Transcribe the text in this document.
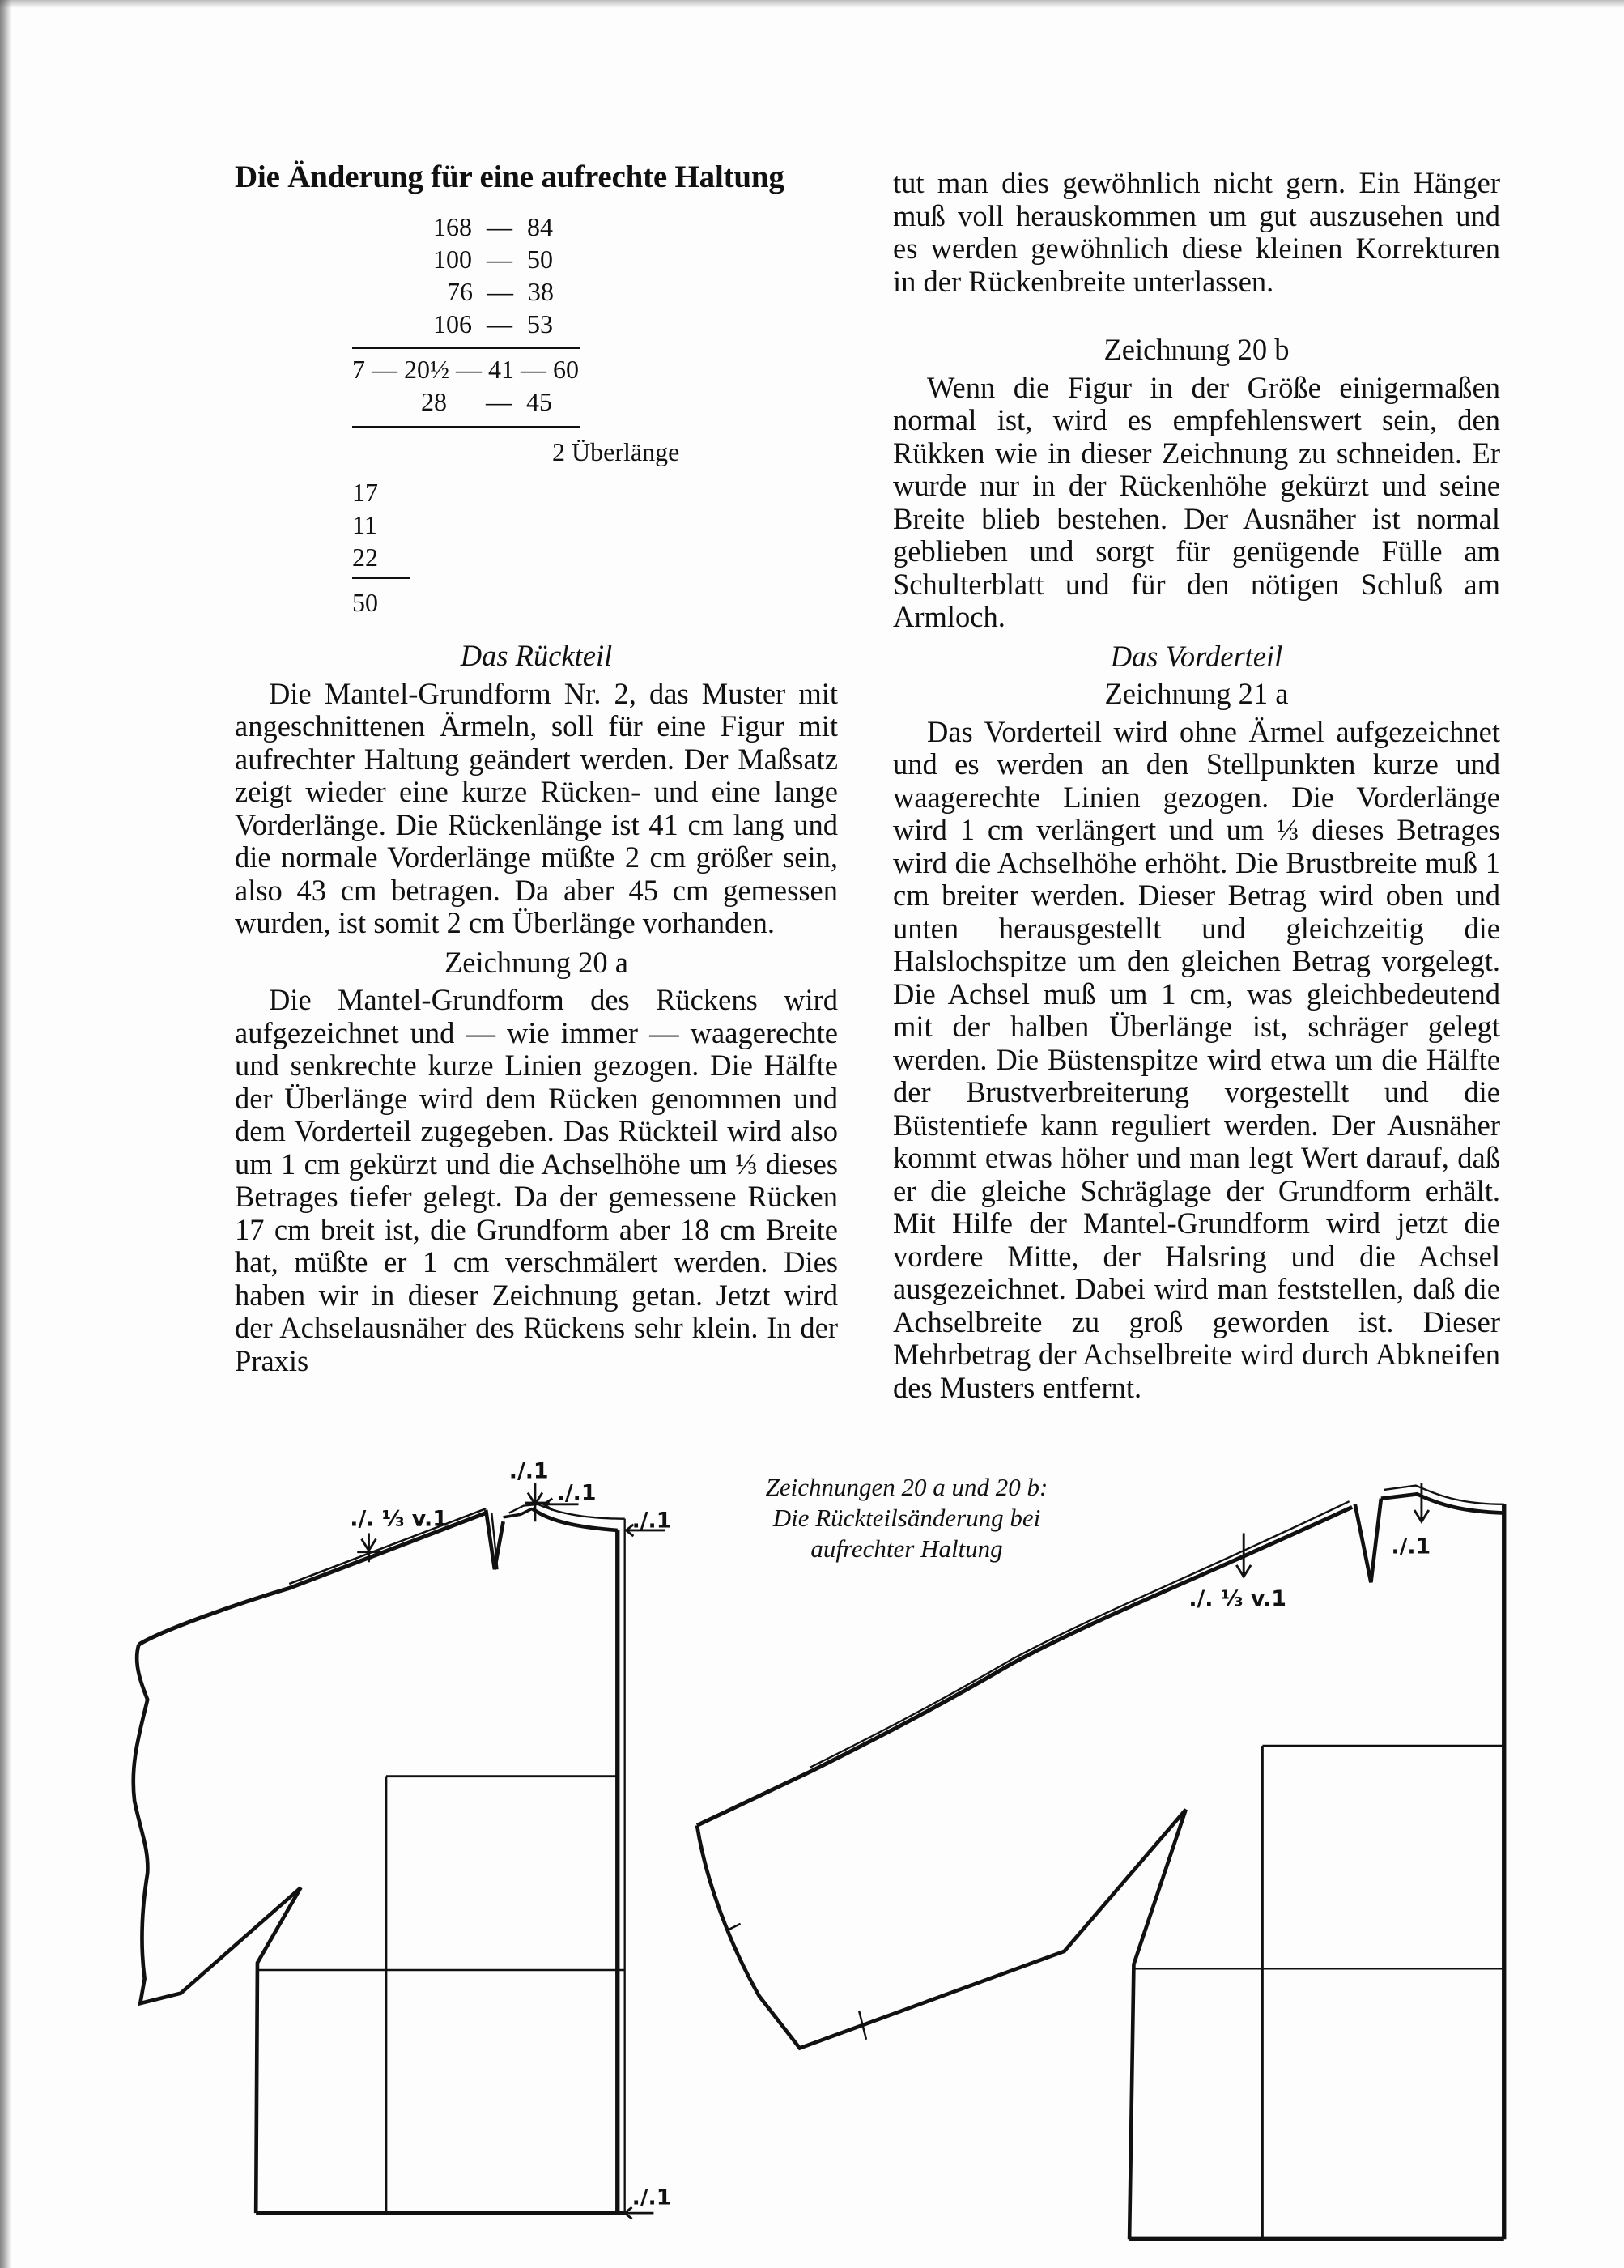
Die Änderung für eine aufrechte Haltung
168 — 84
100 — 50
76 — 38
106 — 53
7 — 20½ — 41 — 60
28 — 45
2 Überlänge
17
11
22
50
Das Rückteil

Die Mantel-Grundform Nr. 2, das Muster mit angeschnittenen Ärmeln, soll für eine Figur mit aufrechter Haltung geändert werden. Der Maßsatz zeigt wieder eine kurze Rücken- und eine lange Vorderlänge. Die Rückenlänge ist 41 cm lang und die normale Vorderlänge müßte 2 cm größer sein, also 43 cm betragen. Da aber 45 cm gemessen wurden, ist somit 2 cm Überlänge vorhanden.

Zeichnung 20 a

Die Mantel-Grundform des Rückens wird aufgezeichnet und — wie immer — waagerechte und senkrechte kurze Linien gezogen. Die Hälfte der Überlänge wird dem Rücken genommen und dem Vorderteil zugegeben. Das Rückteil wird also um 1 cm gekürzt und die Achselhöhe um ⅓ dieses Betrages tiefer gelegt. Da der gemessene Rücken 17 cm breit ist, die Grundform aber 18 cm Breite hat, müßte er 1 cm verschmälert werden. Dies haben wir in dieser Zeichnung getan. Jetzt wird der Achselausnäher des Rückens sehr klein. In der Praxis

tut man dies gewöhnlich nicht gern. Ein Hänger muß voll herauskommen um gut auszusehen und es werden gewöhnlich diese kleinen Korrekturen in der Rückenbreite unterlassen.

Zeichnung 20 b

Wenn die Figur in der Größe einigermaßen normal ist, wird es empfehlenswert sein, den Rükken wie in dieser Zeichnung zu schneiden. Er wurde nur in der Rückenhöhe gekürzt und seine Breite blieb bestehen. Der Ausnäher ist normal geblieben und sorgt für genügende Fülle am Schulterblatt und für den nötigen Schluß am Armloch.

Das Vorderteil
Zeichnung 21 a

Das Vorderteil wird ohne Ärmel aufgezeichnet und es werden an den Stellpunkten kurze und waagerechte Linien gezogen. Die Vorderlänge wird 1 cm verlängert und um ⅓ dieses Betrages wird die Achselhöhe erhöht. Die Brustbreite muß 1 cm breiter werden. Dieser Betrag wird oben und unten herausgestellt und gleichzeitig die Halslochspitze um den gleichen Betrag vorgelegt. Die Achsel muß um 1 cm, was gleichbedeutend mit der halben Überlänge ist, schräger gelegt werden. Die Büstenspitze wird etwa um die Hälfte der Brustverbreiterung vorgestellt und die Büstentiefe kann reguliert werden. Der Ausnäher kommt etwas höher und man legt Wert darauf, daß er die gleiche Schräglage der Grundform erhält. Mit Hilfe der Mantel-Grundform wird jetzt die vordere Mitte, der Halsring und die Achsel ausgezeichnet. Dabei wird man feststellen, daß die Achselbreite zu groß geworden ist. Dieser Mehrbetrag der Achselbreite wird durch Abkneifen des Musters entfernt.

./. ⅓ v.1
./.1
./.1
./.1
./.1
./. ⅓ v.1
./.1
Zeichnungen 20 a und 20 b:
Die Rückteilsänderung bei
aufrechter Haltung
